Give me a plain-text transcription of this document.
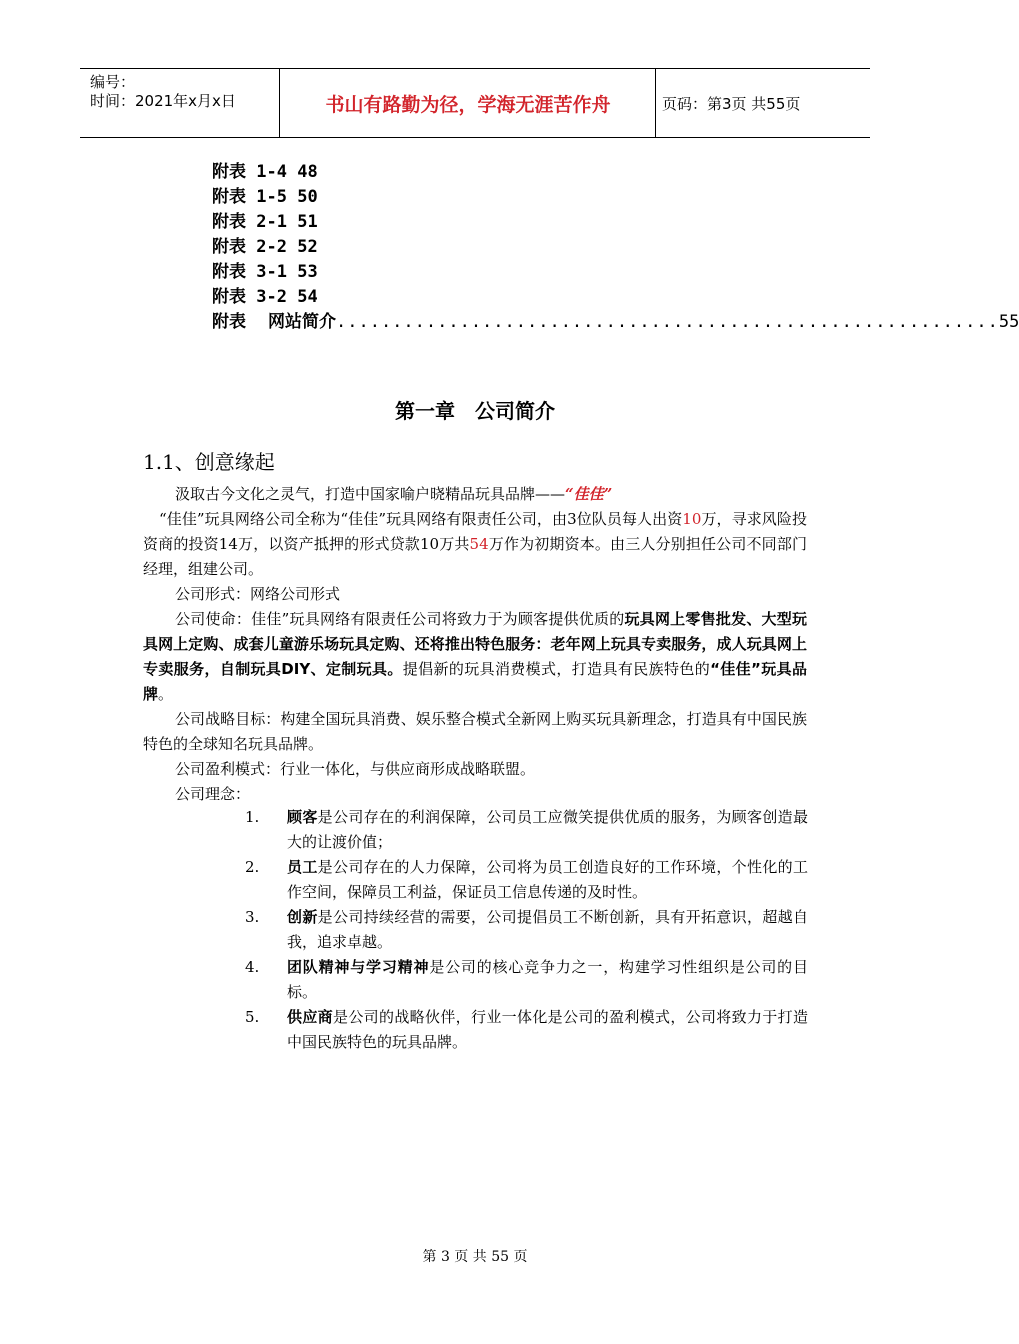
编号：
时间：2021年x月x日	书山有路勤为径，学海无涯苦作舟	页码：第3页 共55页
附表 1-4 48
附表 1-5 50
附表 2-1 51
附表 2-2 52
附表 3-1 53
附表 3-2 54
附表 网站简介 ........................................................... 55
第一章　公司简介
1.1、创意缘起

汲取古今文化之灵气，打造中国家喻户晓精品玩具品牌——“佳佳”

“佳佳”玩具网络公司全称为“佳佳”玩具网络有限责任公司，由3位队员每人出资10万，寻求风险投资商的投资14万，以资产抵押的形式贷款10万共54万作为初期资本。由三人分别担任公司不同部门经理，组建公司。

公司形式：网络公司形式

公司使命：佳佳”玩具网络有限责任公司将致力于为顾客提供优质的玩具网上零售批发、大型玩具网上定购、成套儿童游乐场玩具定购、还将推出特色服务：老年网上玩具专卖服务，成人玩具网上专卖服务，自制玩具DIY、定制玩具。提倡新的玩具消费模式，打造具有民族特色的“佳佳”玩具品牌。

公司战略目标：构建全国玩具消费、娱乐整合模式全新网上购买玩具新理念，打造具有中国民族特色的全球知名玩具品牌。

公司盈利模式：行业一体化，与供应商形成战略联盟。

公司理念：

1.	顾客是公司存在的利润保障，公司员工应微笑提供优质的服务，为顾客创造最大的让渡价值；
2.	员工是公司存在的人力保障，公司将为员工创造良好的工作环境，个性化的工作空间，保障员工利益，保证员工信息传递的及时性。
3.	创新是公司持续经营的需要，公司提倡员工不断创新，具有开拓意识，超越自我，追求卓越。
4.	团队精神与学习精神是公司的核心竞争力之一，构建学习性组织是公司的目标。
5.	供应商是公司的战略伙伴，行业一体化是公司的盈利模式，公司将致力于打造中国民族特色的玩具品牌。
第 3 页 共 55 页
